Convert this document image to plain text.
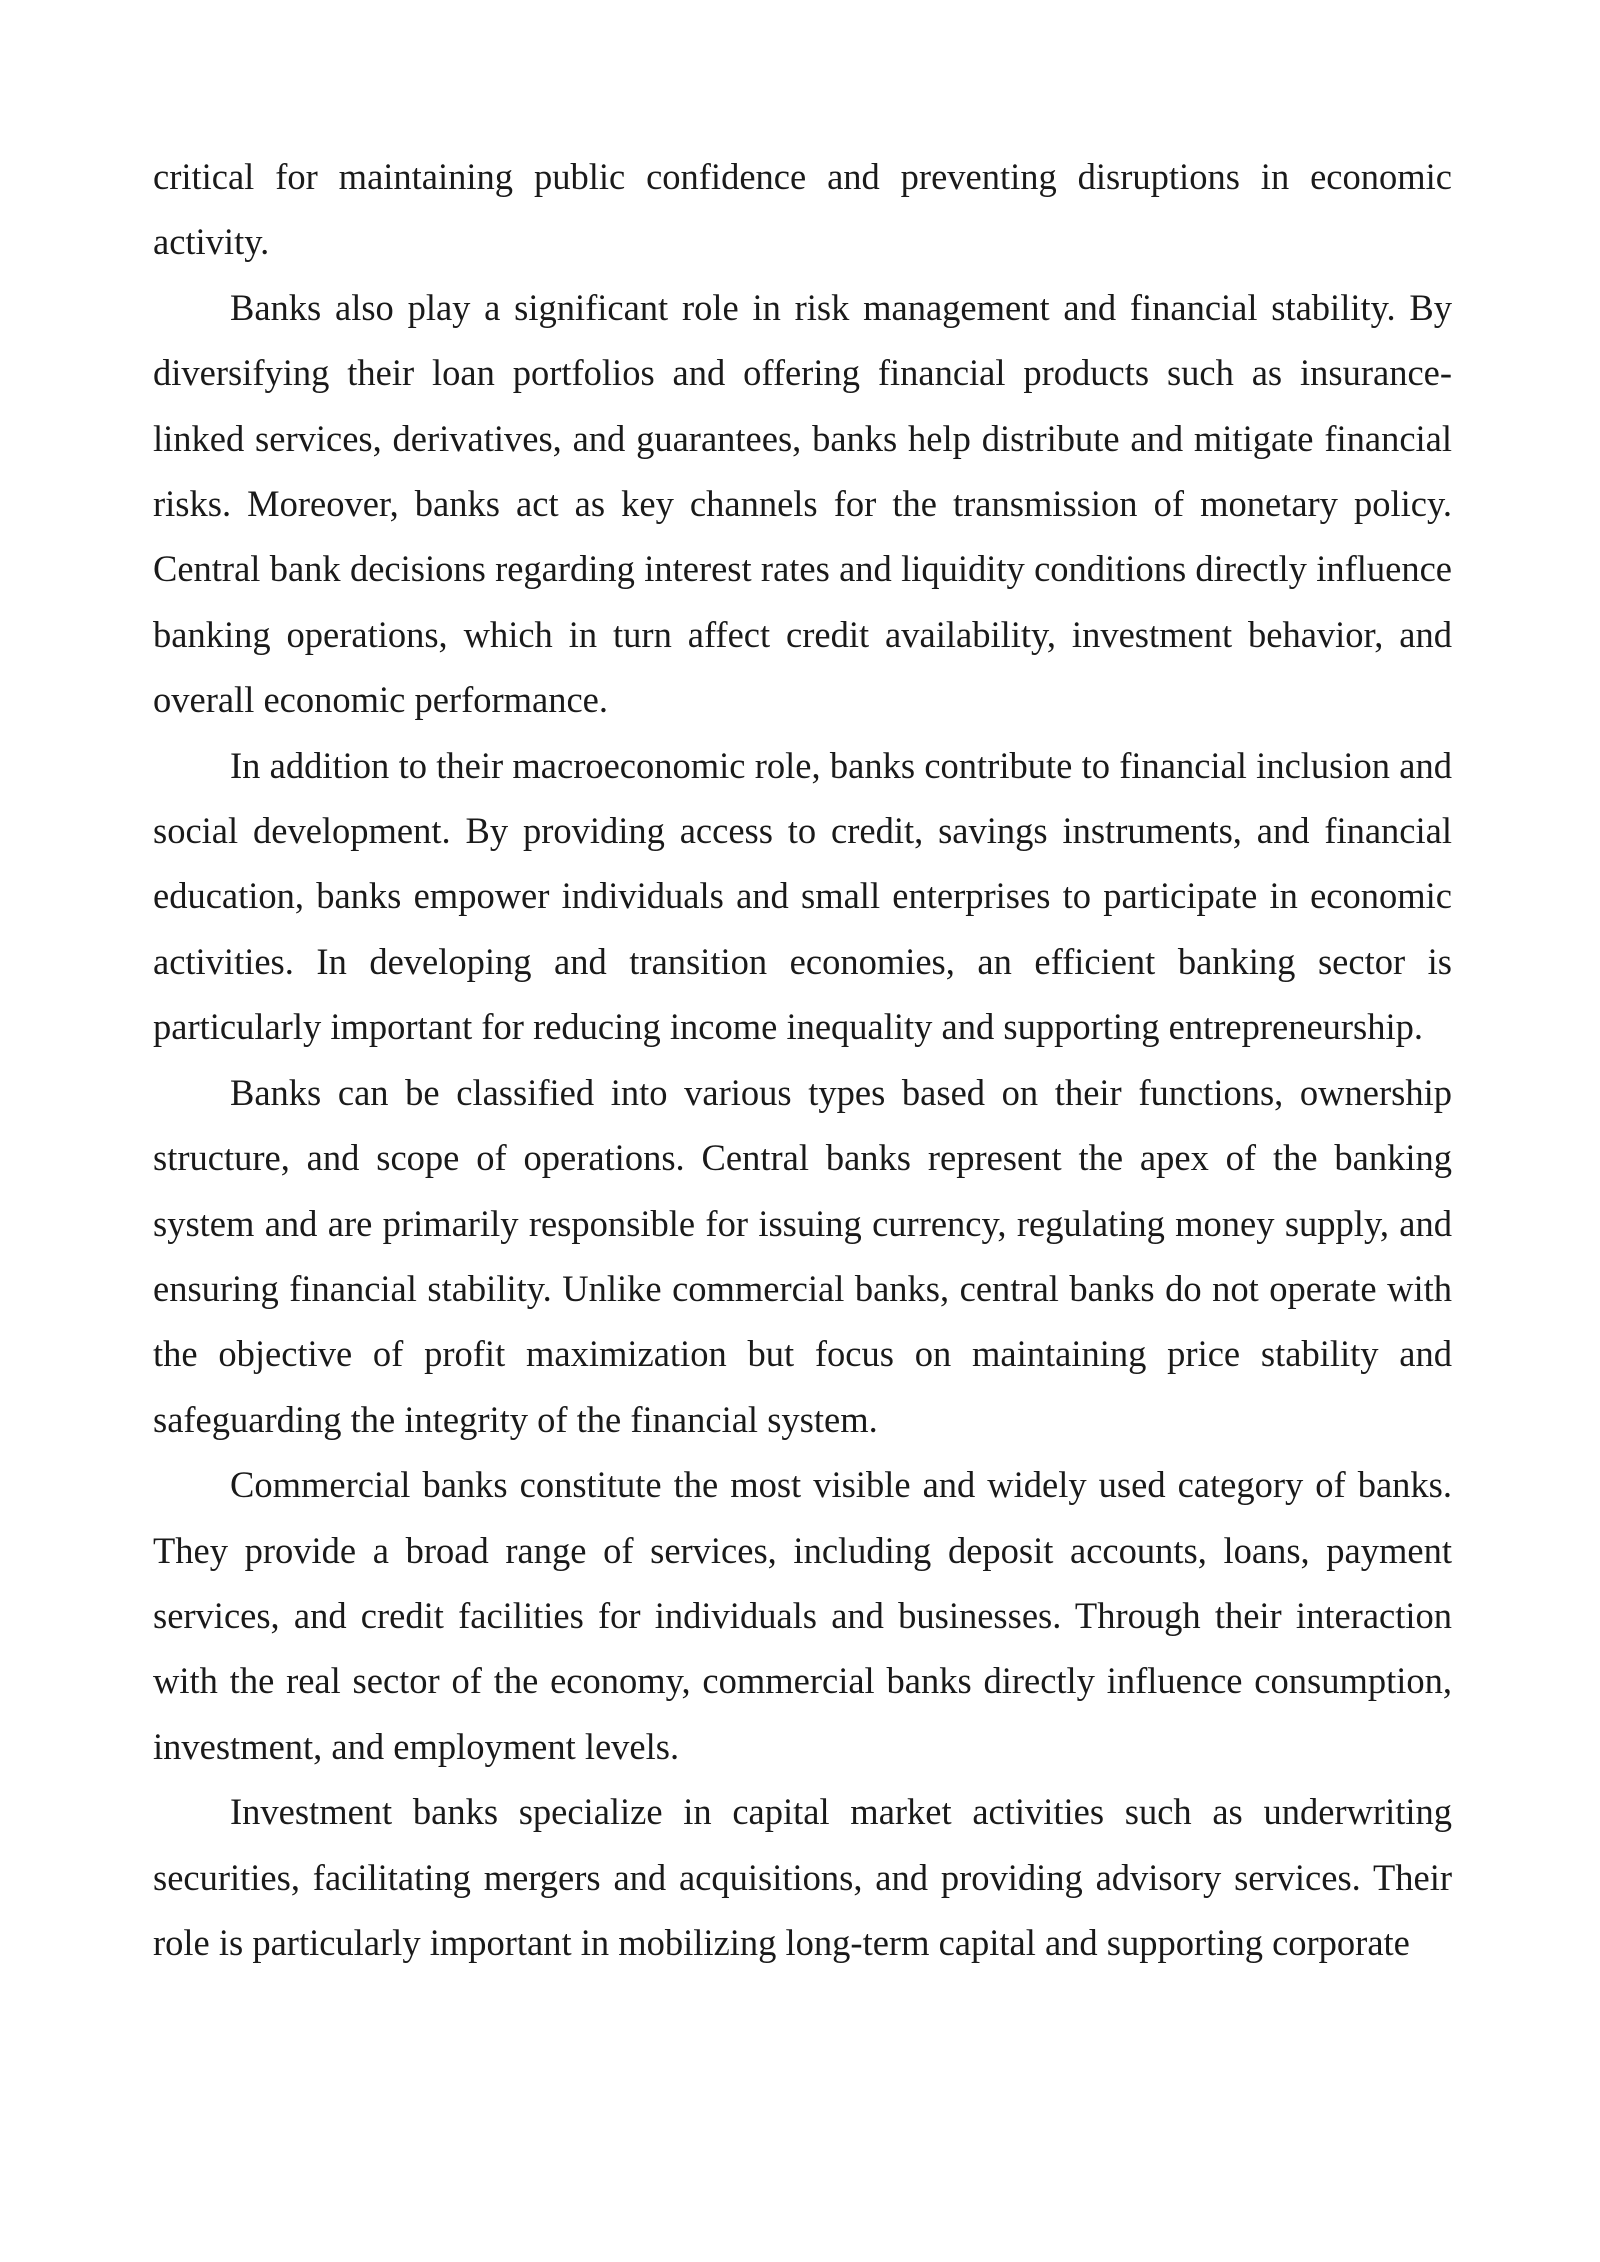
critical for maintaining public confidence and preventing disruptions in economic activity.

Banks also play a significant role in risk management and financial stability. By diversifying their loan portfolios and offering financial products such as insurance-linked services, derivatives, and guarantees, banks help distribute and mitigate financial risks. Moreover, banks act as key channels for the transmission of monetary policy. Central bank decisions regarding interest rates and liquidity conditions directly influence banking operations, which in turn affect credit availability, investment behavior, and overall economic performance.

In addition to their macroeconomic role, banks contribute to financial inclusion and social development. By providing access to credit, savings instruments, and financial education, banks empower individuals and small enterprises to participate in economic activities. In developing and transition economies, an efficient banking sector is particularly important for reducing income inequality and supporting entrepreneurship.

Banks can be classified into various types based on their functions, ownership structure, and scope of operations. Central banks represent the apex of the banking system and are primarily responsible for issuing currency, regulating money supply, and ensuring financial stability. Unlike commercial banks, central banks do not operate with the objective of profit maximization but focus on maintaining price stability and safeguarding the integrity of the financial system.

Commercial banks constitute the most visible and widely used category of banks. They provide a broad range of services, including deposit accounts, loans, payment services, and credit facilities for individuals and businesses. Through their interaction with the real sector of the economy, commercial banks directly influence consumption, investment, and employment levels.

Investment banks specialize in capital market activities such as underwriting securities, facilitating mergers and acquisitions, and providing advisory services. Their role is particularly important in mobilizing long-term capital and supporting corporate
